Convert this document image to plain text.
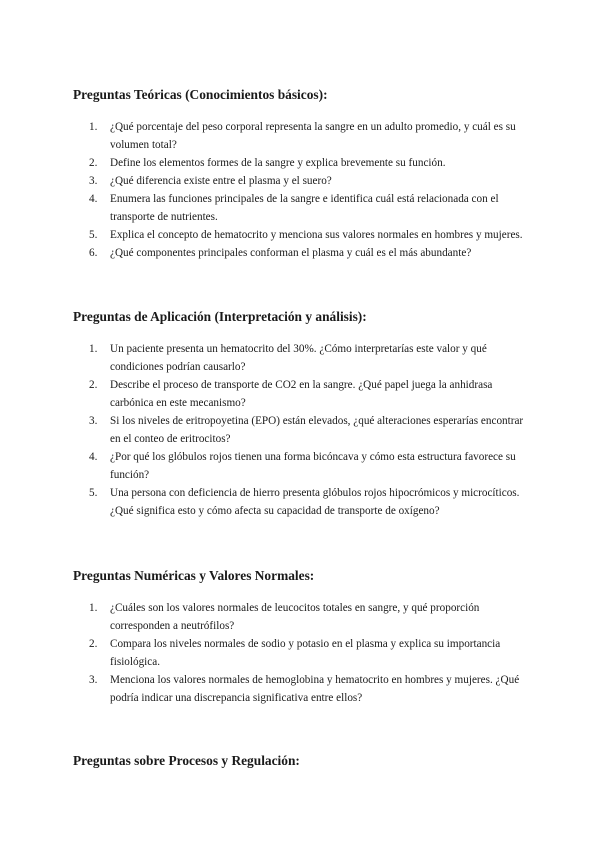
Preguntas Teóricas (Conocimientos básicos):
1. ¿Qué porcentaje del peso corporal representa la sangre en un adulto promedio, y cuál es su volumen total?
2. Define los elementos formes de la sangre y explica brevemente su función.
3. ¿Qué diferencia existe entre el plasma y el suero?
4. Enumera las funciones principales de la sangre e identifica cuál está relacionada con el transporte de nutrientes.
5. Explica el concepto de hematocrito y menciona sus valores normales en hombres y mujeres.
6. ¿Qué componentes principales conforman el plasma y cuál es el más abundante?
Preguntas de Aplicación (Interpretación y análisis):
1. Un paciente presenta un hematocrito del 30%. ¿Cómo interpretarías este valor y qué condiciones podrían causarlo?
2. Describe el proceso de transporte de CO2 en la sangre. ¿Qué papel juega la anhidrasa carbónica en este mecanismo?
3. Si los niveles de eritropoyetina (EPO) están elevados, ¿qué alteraciones esperarías encontrar en el conteo de eritrocitos?
4. ¿Por qué los glóbulos rojos tienen una forma bicóncava y cómo esta estructura favorece su función?
5. Una persona con deficiencia de hierro presenta glóbulos rojos hipocrómicos y microcíticos. ¿Qué significa esto y cómo afecta su capacidad de transporte de oxígeno?
Preguntas Numéricas y Valores Normales:
1. ¿Cuáles son los valores normales de leucocitos totales en sangre, y qué proporción corresponden a neutrófilos?
2. Compara los niveles normales de sodio y potasio en el plasma y explica su importancia fisiológica.
3. Menciona los valores normales de hemoglobina y hematocrito en hombres y mujeres. ¿Qué podría indicar una discrepancia significativa entre ellos?
Preguntas sobre Procesos y Regulación:
